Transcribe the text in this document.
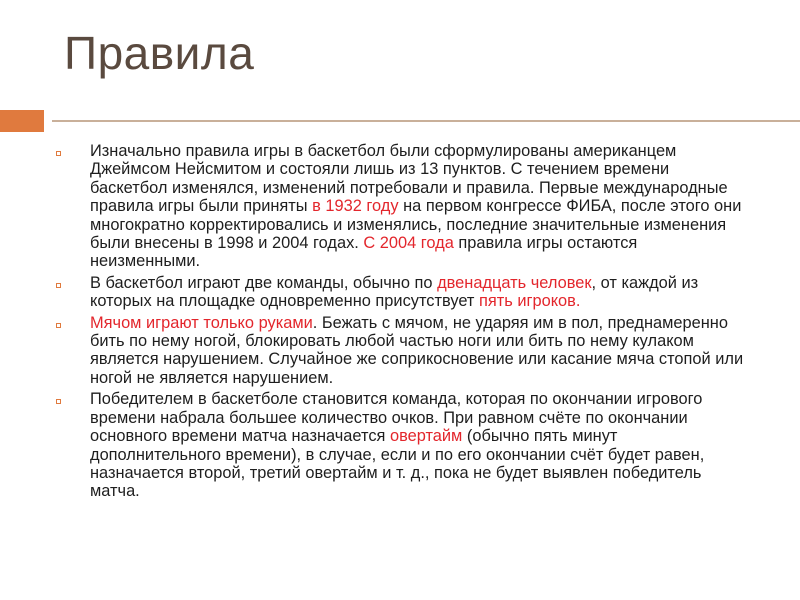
Правила
Изначально правила игры в баскетбол были сформулированы американцем Джеймсом Нейсмитом и состояли лишь из 13 пунктов. С течением времени баскетбол изменялся, изменений потребовали и правила. Первые международные правила игры были приняты в 1932 году на первом конгрессе ФИБА, после этого они многократно корректировались и изменялись, последние значительные изменения были внесены в 1998 и 2004 годах. С 2004 года правила игры остаются неизменными.
В баскетбол играют две команды, обычно по двенадцать человек, от каждой из которых на площадке одновременно присутствует пять игроков.
Мячом играют только руками. Бежать с мячом, не ударяя им в пол, преднамеренно бить по нему ногой, блокировать любой частью ноги или бить по нему кулаком является нарушением. Случайное же соприкосновение или касание мяча стопой или ногой не является нарушением.
Победителем в баскетболе становится команда, которая по окончании игрового времени набрала большее количество очков. При равном счёте по окончании основного времени матча назначается овертайм (обычно пять минут дополнительного времени), в случае, если и по его окончании счёт будет равен, назначается второй, третий овертайм и т. д., пока не будет выявлен победитель матча.
